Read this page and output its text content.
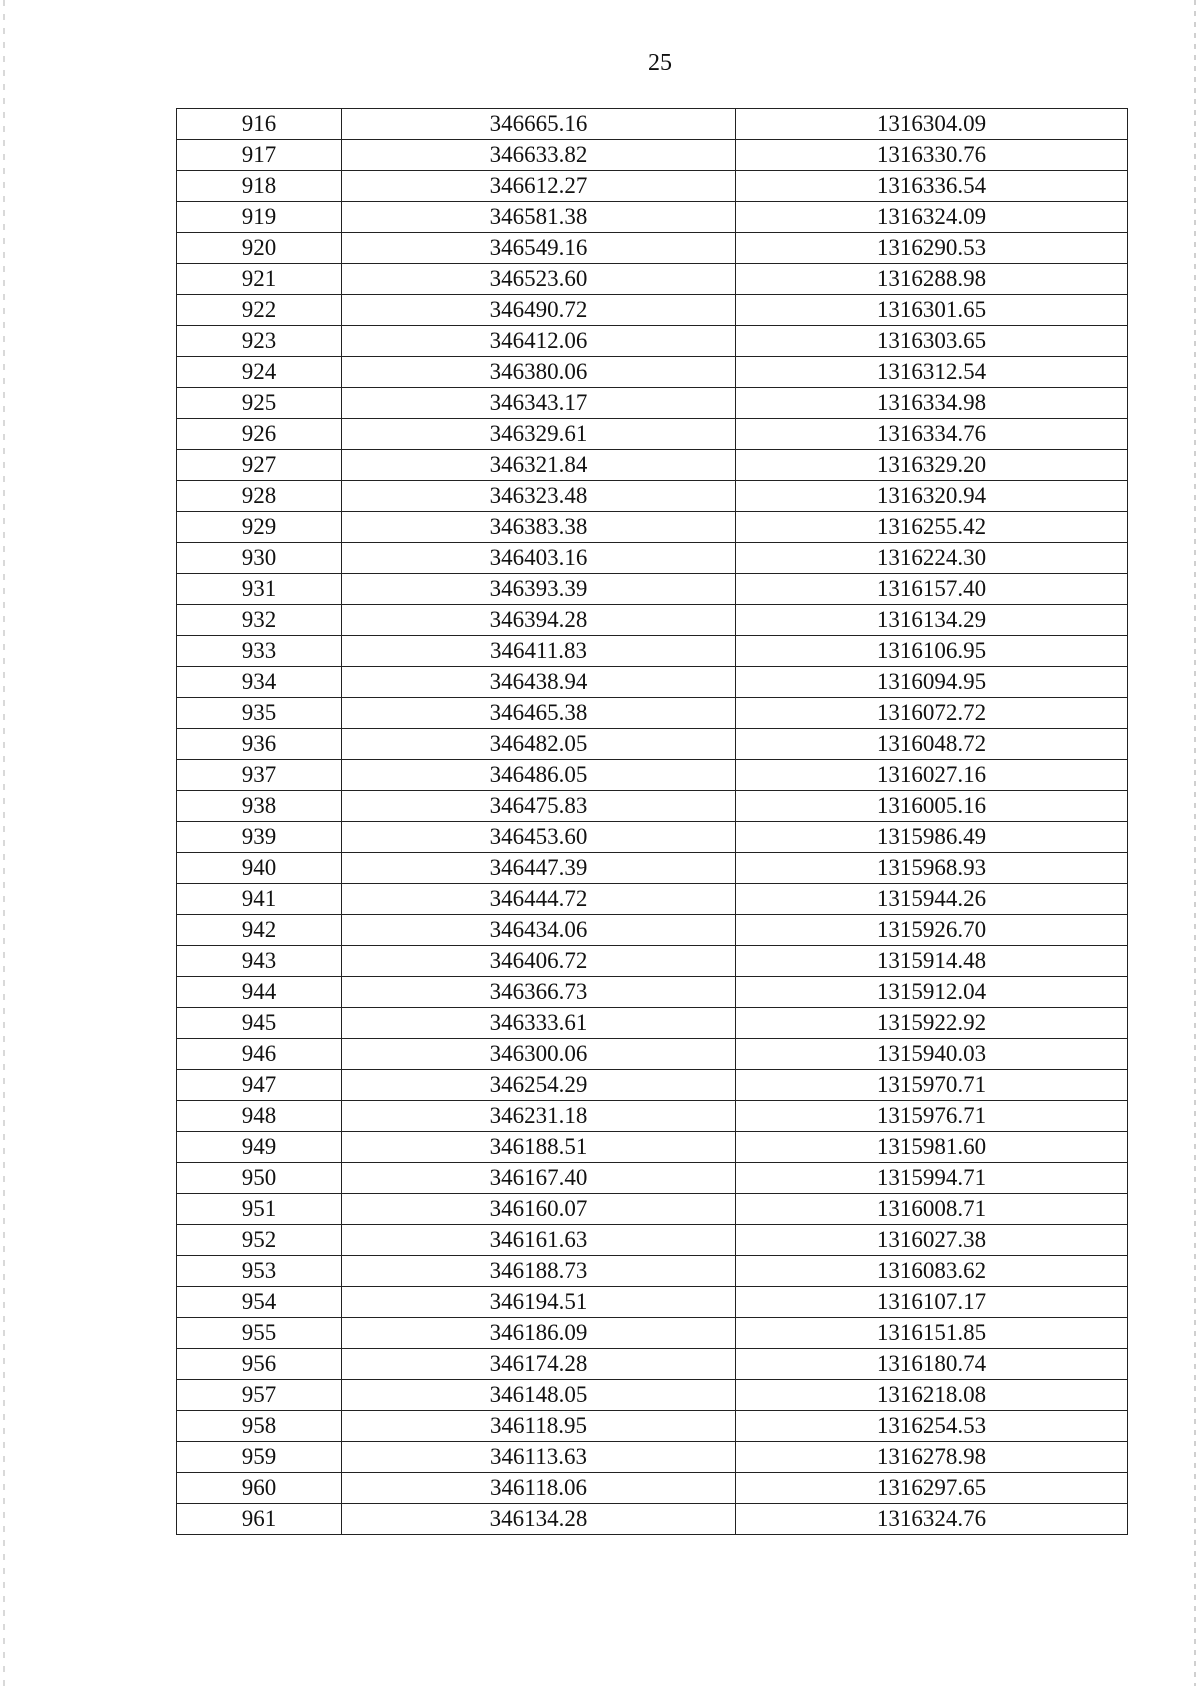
25
916	346665.16	1316304.09
917	346633.82	1316330.76
918	346612.27	1316336.54
919	346581.38	1316324.09
920	346549.16	1316290.53
921	346523.60	1316288.98
922	346490.72	1316301.65
923	346412.06	1316303.65
924	346380.06	1316312.54
925	346343.17	1316334.98
926	346329.61	1316334.76
927	346321.84	1316329.20
928	346323.48	1316320.94
929	346383.38	1316255.42
930	346403.16	1316224.30
931	346393.39	1316157.40
932	346394.28	1316134.29
933	346411.83	1316106.95
934	346438.94	1316094.95
935	346465.38	1316072.72
936	346482.05	1316048.72
937	346486.05	1316027.16
938	346475.83	1316005.16
939	346453.60	1315986.49
940	346447.39	1315968.93
941	346444.72	1315944.26
942	346434.06	1315926.70
943	346406.72	1315914.48
944	346366.73	1315912.04
945	346333.61	1315922.92
946	346300.06	1315940.03
947	346254.29	1315970.71
948	346231.18	1315976.71
949	346188.51	1315981.60
950	346167.40	1315994.71
951	346160.07	1316008.71
952	346161.63	1316027.38
953	346188.73	1316083.62
954	346194.51	1316107.17
955	346186.09	1316151.85
956	346174.28	1316180.74
957	346148.05	1316218.08
958	346118.95	1316254.53
959	346113.63	1316278.98
960	346118.06	1316297.65
961	346134.28	1316324.76
